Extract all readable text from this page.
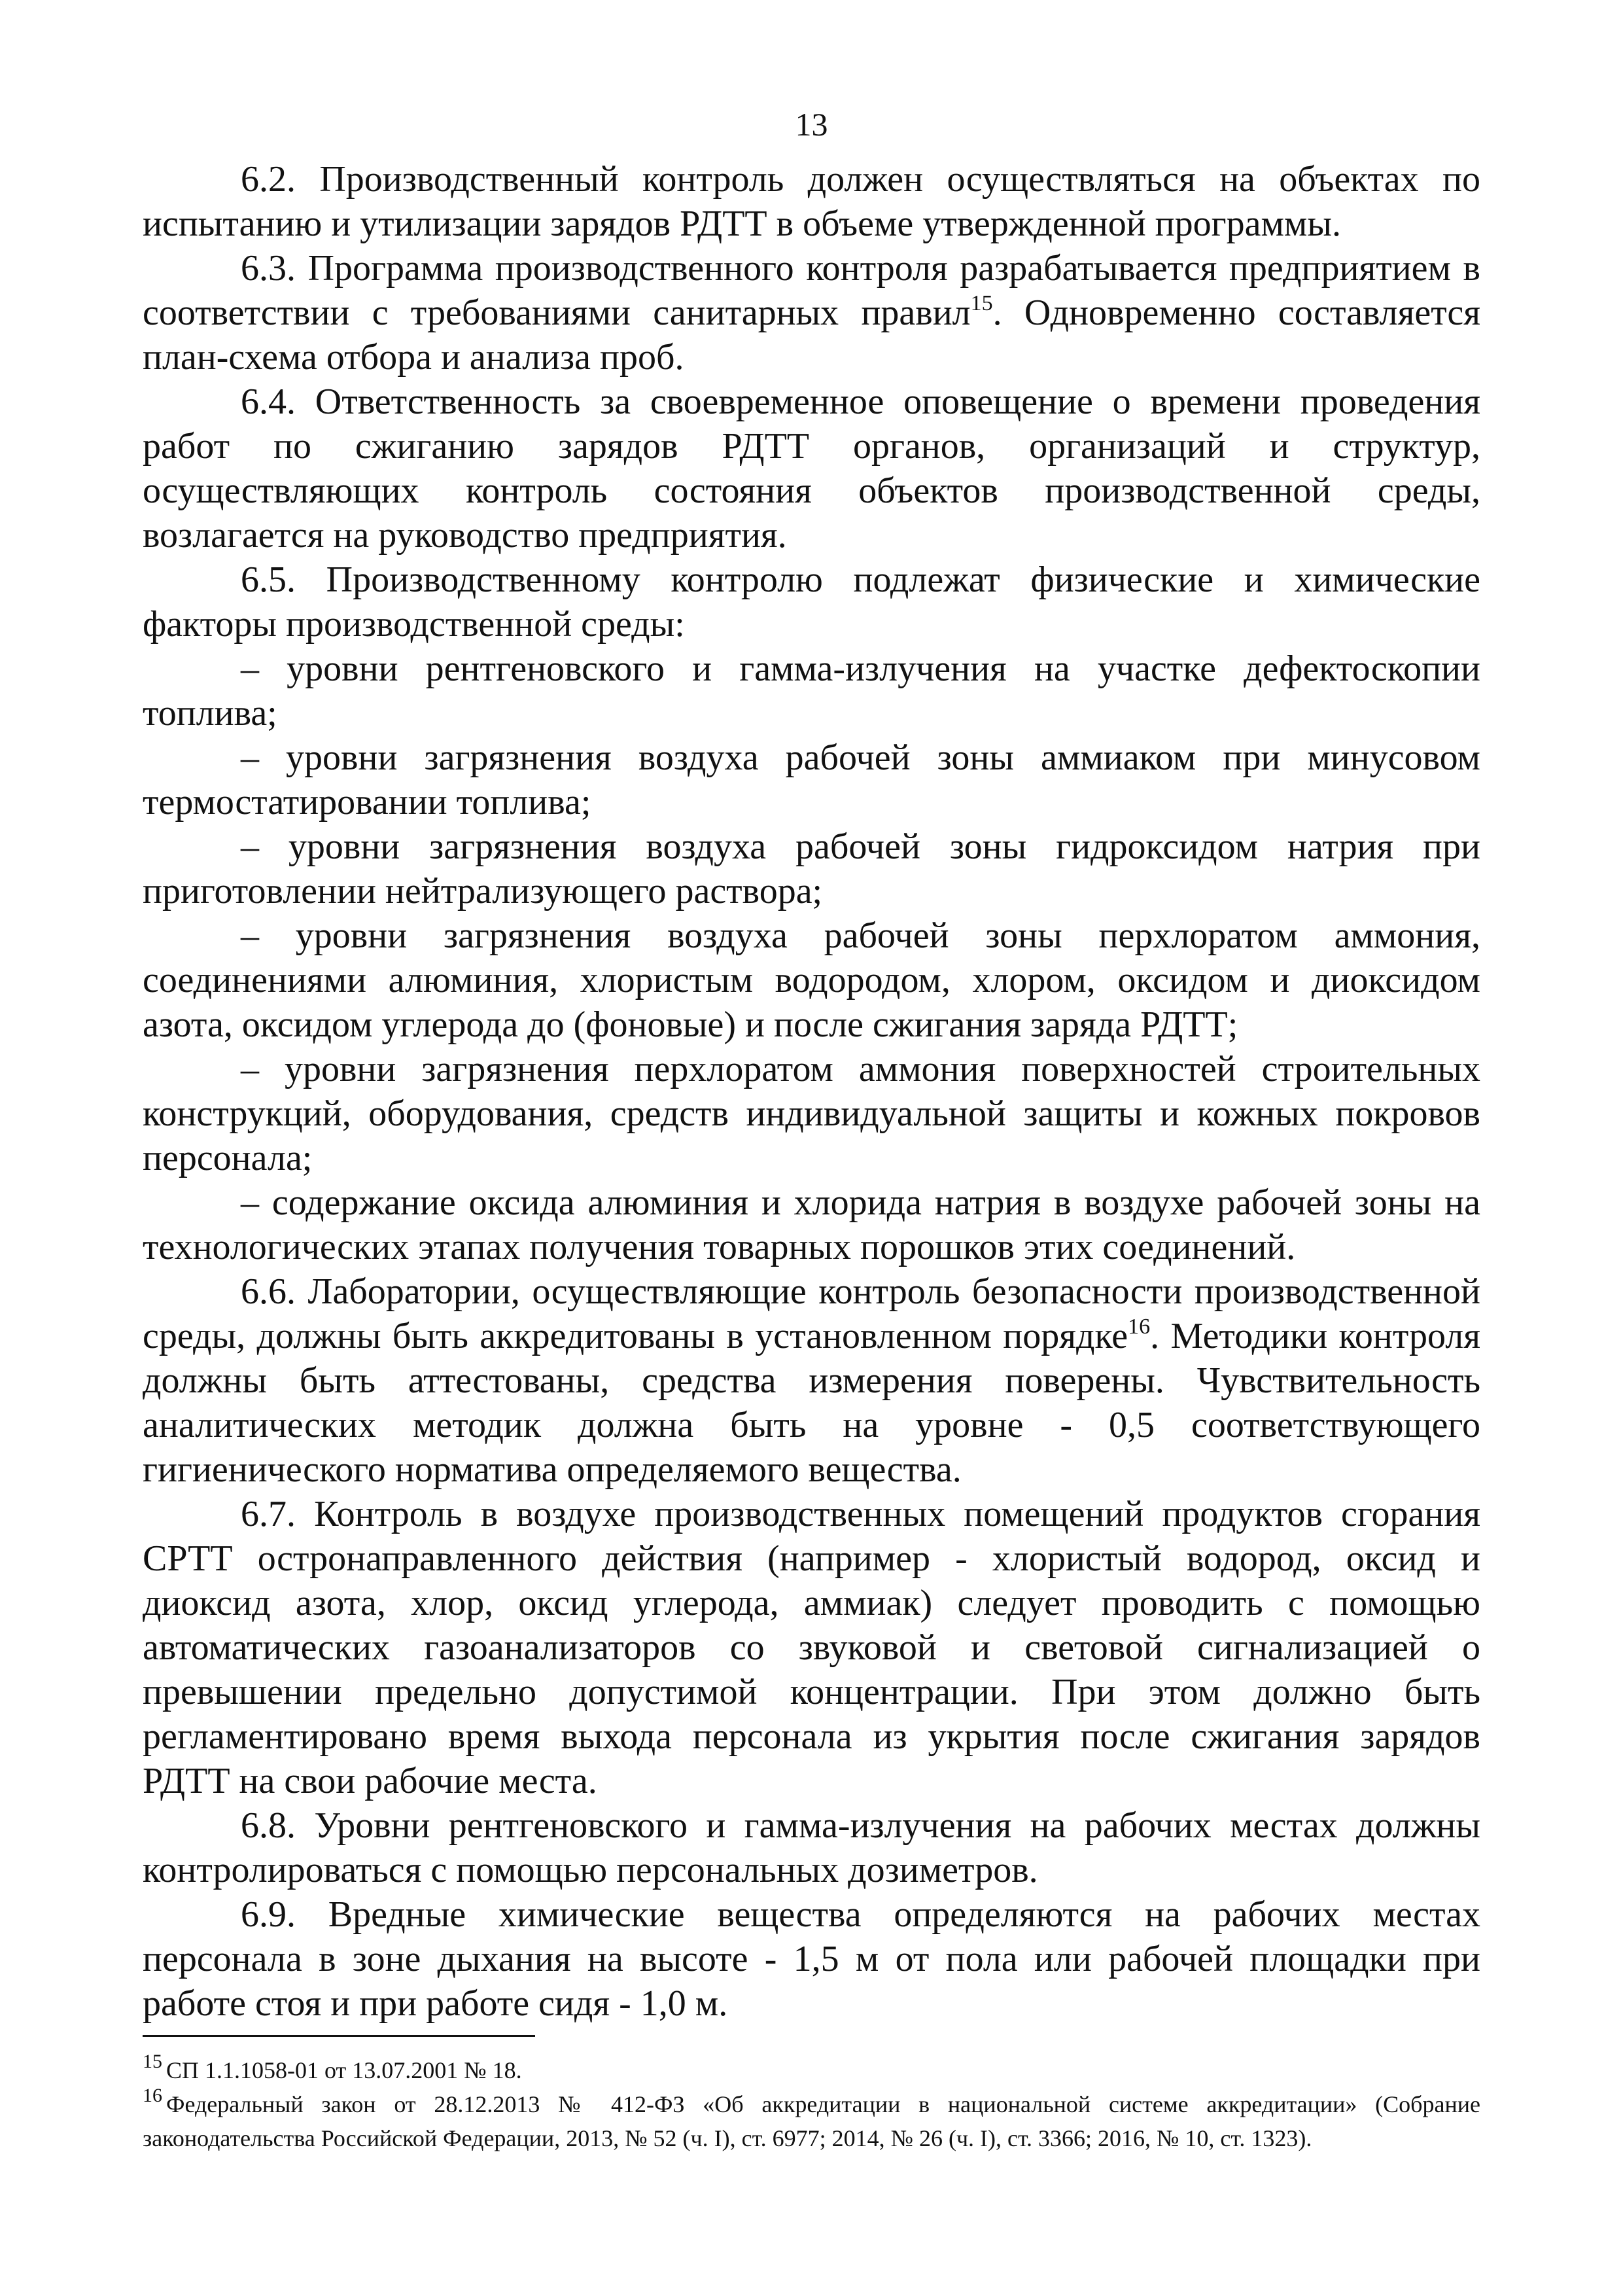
13

6.2. Производственный контроль должен осуществляться на объектах по испытанию и утилизации зарядов РДТТ в объеме утвержденной программы.

6.3. Программа производственного контроля разрабатывается предприятием в соответствии с требованиями санитарных правил$^{15}$. Одновременно составляется план-схема отбора и анализа проб.

6.4. Ответственность за своевременное оповещение о времени проведения работ по сжиганию зарядов РДТТ органов, организаций и структур, осуществляющих контроль состояния объектов производственной среды, возлагается на руководство предприятия.

6.5. Производственному контролю подлежат физические и химические факторы производственной среды:

– уровни рентгеновского и гамма-излучения на участке дефектоскопии топлива;

– уровни загрязнения воздуха рабочей зоны аммиаком при минусовом термостатировании топлива;

– уровни загрязнения воздуха рабочей зоны гидроксидом натрия при приготовлении нейтрализующего раствора;

– уровни загрязнения воздуха рабочей зоны перхлоратом аммония, соединениями алюминия, хлористым водородом, хлором, оксидом и диоксидом азота, оксидом углерода до (фоновые) и после сжигания заряда РДТТ;

– уровни загрязнения перхлоратом аммония поверхностей строительных конструкций, оборудования, средств индивидуальной защиты и кожных покровов персонала;

– содержание оксида алюминия и хлорида натрия в воздухе рабочей зоны на технологических этапах получения товарных порошков этих соединений.

6.6. Лаборатории, осуществляющие контроль безопасности производственной среды, должны быть аккредитованы в установленном порядке$^{16}$. Методики контроля должны быть аттестованы, средства измерения поверены. Чувствительность аналитических методик должна быть на уровне - 0,5 соответствующего гигиенического норматива определяемого вещества.

6.7. Контроль в воздухе производственных помещений продуктов сгорания СРТТ остронаправленного действия (например - хлористый водород, оксид и диоксид азота, хлор, оксид углерода, аммиак) следует проводить с помощью автоматических газоанализаторов со звуковой и световой сигнализацией о превышении предельно допустимой концентрации. При этом должно быть регламентировано время выхода персонала из укрытия после сжигания зарядов РДТТ на свои рабочие места.

6.8. Уровни рентгеновского и гамма-излучения на рабочих местах должны контролироваться с помощью персональных дозиметров.

6.9. Вредные химические вещества определяются на рабочих местах персонала в зоне дыхания на высоте - 1,5 м от пола или рабочей площадки при работе стоя и при работе сидя - 1,0 м.

$^{15}$ СП 1.1.1058-01 от 13.07.2001 № 18.

$^{16}$ Федеральный закон от 28.12.2013 № 412-ФЗ «Об аккредитации в национальной системе аккредитации» (Собрание законодательства Российской Федерации, 2013, № 52 (ч. I), ст. 6977; 2014, № 26 (ч. I), ст. 3366; 2016, № 10, ст. 1323).
